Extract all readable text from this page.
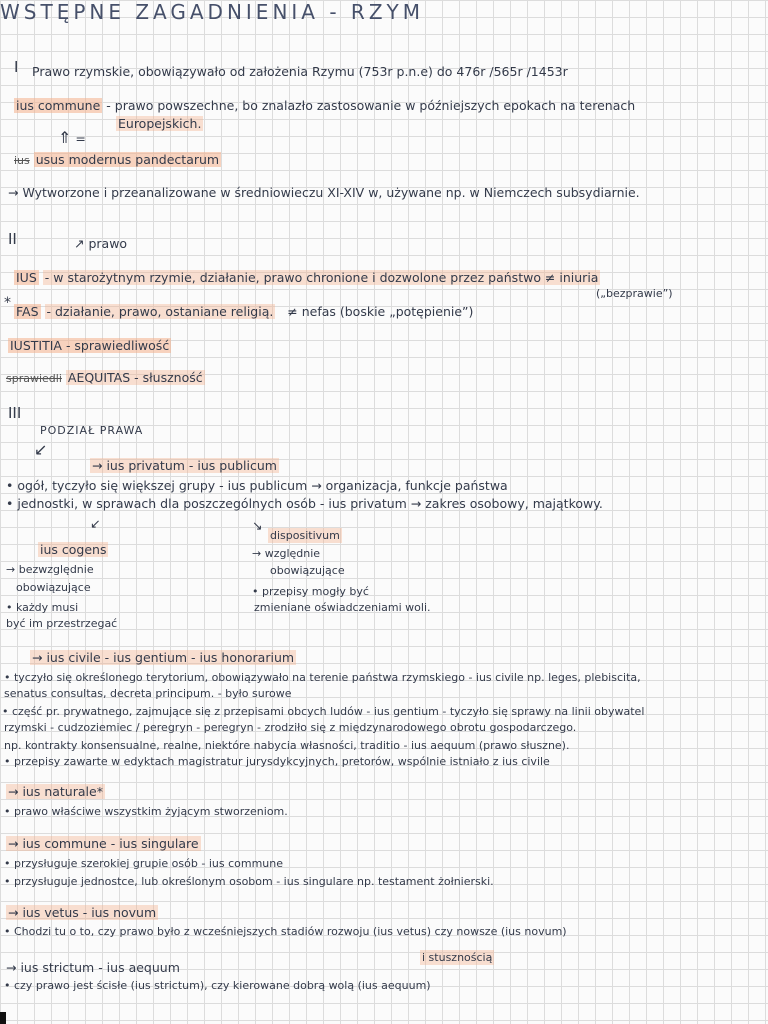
WSTĘPNE ZAGADNIENIA - RZYM
I Prawo rzymskie, obowiązywało od założenia Rzymu (753r p.n.e) do 476r /565r /1453r
ius commune - prawo powszechne, bo znalazło zastosowanie w późniejszych epokach na terenach
Europejskich.
⇑ =
ius usus modernus pandectarum
→ Wytworzone i przeanalizowane w średniowieczu XI-XIV w, używane np. w Niemczech subsydiarnie.
II	↗ prawo
IUS - w starożytnym rzymie, działanie, prawo chronione i dozwolone przez państwo ≠ iniuria
(„bezprawie”)
*
FAS - działanie, prawo, ostaniane religią. ≠ nefas (boskie „potępienie”)
IUSTITIA - sprawiedliwość
sprawiedli AEQUITAS - słuszność
III
PODZIAŁ PRAWA
↙
→ ius privatum - ius publicum
• ogół, tyczyło się większej grupy - ius publicum → organizacja, funkcje państwa
• jednostki, w sprawach dla poszczególnych osób - ius privatum → zakres osobowy, majątkowy.
↙
ius cogens
→ bezwzględnie
obowiązujące
• każdy musi
być im przestrzegać
↘
dispositivum
→ względnie
obowiązujące
• przepisy mogły być
zmieniane oświadczeniami woli.
→ ius civile - ius gentium - ius honorarium
• tyczyło się określonego terytorium, obowiązywało na terenie państwa rzymskiego - ius civile np. leges, plebiscita,
senatus consultas, decreta principum. - było surowe
• część pr. prywatnego, zajmujące się z przepisami obcych ludów - ius gentium - tyczyło się sprawy na linii obywatel
rzymski - cudzoziemiec / peregryn - peregryn - zrodziło się z międzynarodowego obrotu gospodarczego.
np. kontrakty konsensualne, realne, niektóre nabycia własności, traditio - ius aequum (prawo słuszne).
• przepisy zawarte w edyktach magistratur jurysdykcyjnych, pretorów, wspólnie istniało z ius civile
→ ius naturale*
• prawo właściwe wszystkim żyjącym stworzeniom.
→ ius commune - ius singulare
• przysługuje szerokiej grupie osób - ius commune
• przysługuje jednostce, lub określonym osobom - ius singulare np. testament żołnierski.
→ ius vetus - ius novum
• Chodzi tu o to, czy prawo było z wcześniejszych stadiów rozwoju (ius vetus) czy nowsze (ius novum)
i stusznością
→ ius strictum - ius aequum
• czy prawo jest ścisłe (ius strictum), czy kierowane dobrą wolą (ius aequum)
